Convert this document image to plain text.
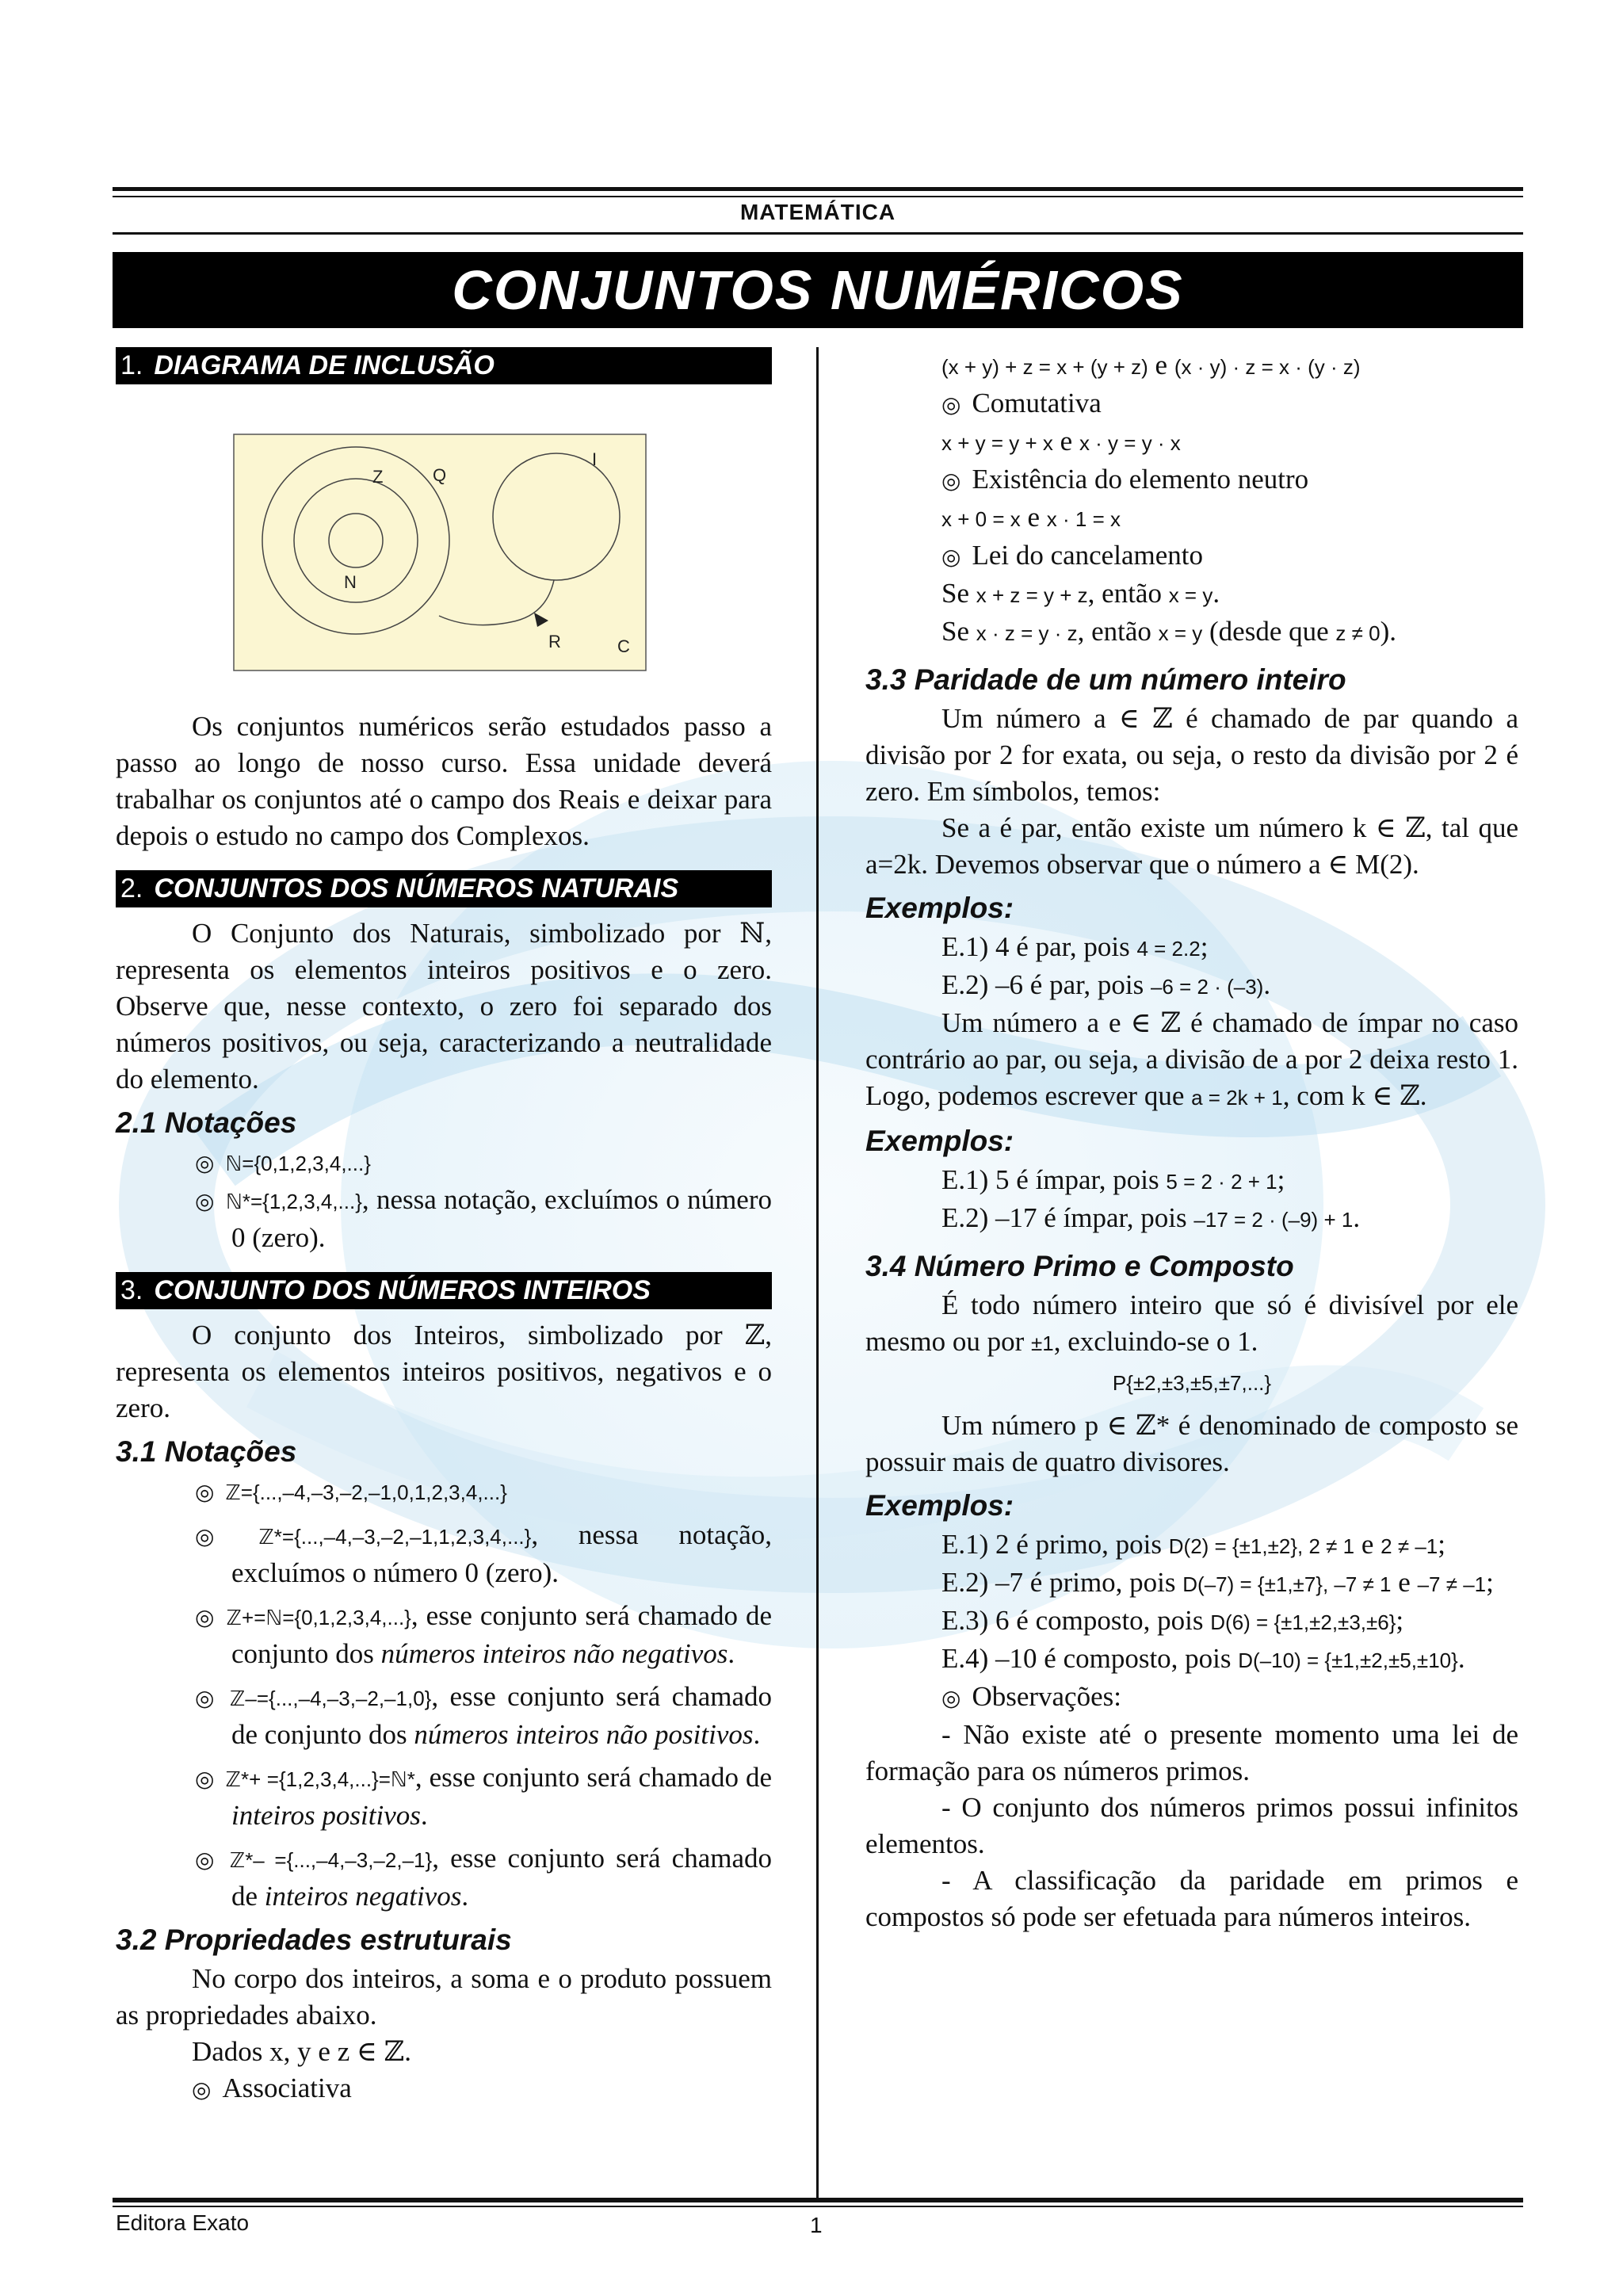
MATEMÁTICA
CONJUNTOS NUMÉRICOS
1. DIAGRAMA DE INCLUSÃO
Z	Q
I
N
R	C

Os conjuntos numéricos serão estudados passo a passo ao longo de nosso curso. Essa unidade deverá trabalhar os conjuntos até o campo dos Reais e deixar para depois o estudo no campo dos Complexos.

2. CONJUNTOS DOS NÚMEROS NATURAIS

O Conjunto dos Naturais, simbolizado por ℕ, representa os elementos inteiros positivos e o zero. Observe que, nesse contexto, o zero foi separado dos números positivos, ou seja, caracterizando a neutralidade do elemento.

2.1 Notações

◎ ℕ={0,1,2,3,4,...}

◎ ℕ*={1,2,3,4,...}, nessa notação, excluímos o número 0 (zero).

3. CONJUNTO DOS NÚMEROS INTEIROS

O conjunto dos Inteiros, simbolizado por ℤ, representa os elementos inteiros positivos, negativos e o zero.

3.1 Notações

◎ ℤ={...,–4,–3,–2,–1,0,1,2,3,4,...}

◎ ℤ*={...,–4,–3,–2,–1,1,2,3,4,...}, nessa notação, excluímos o número 0 (zero).

◎ ℤ+=ℕ={0,1,2,3,4,...}, esse conjunto será chamado de conjunto dos números inteiros não negativos.

◎ ℤ–={...,–4,–3,–2,–1,0}, esse conjunto será chamado de conjunto dos números inteiros não positivos.

◎ ℤ*+ ={1,2,3,4,...}=ℕ*, esse conjunto será chamado de inteiros positivos.

◎ ℤ*– ={...,–4,–3,–2,–1}, esse conjunto será chamado de inteiros negativos.

3.2 Propriedades estruturais

No corpo dos inteiros, a soma e o produto possuem as propriedades abaixo.

Dados x, y e z ∈ ℤ.

◎ Associativa

(x + y) + z = x + (y + z) e (x · y) · z = x · (y · z)

◎ Comutativa

x + y = y + x e x · y = y · x

◎ Existência do elemento neutro

x + 0 = x e x · 1 = x

◎ Lei do cancelamento

Se x + z = y + z, então x = y.

Se x · z = y · z, então x = y (desde que z ≠ 0).

3.3 Paridade de um número inteiro

Um número a ∈ ℤ é chamado de par quando a divisão por 2 for exata, ou seja, o resto da divisão por 2 é zero. Em símbolos, temos:

Se a é par, então existe um número k ∈ ℤ, tal que a=2k. Devemos observar que o número a ∈ M(2).

Exemplos:

E.1) 4 é par, pois 4 = 2.2;

E.2) –6 é par, pois –6 = 2 · (–3).

Um número a e ∈ ℤ é chamado de ímpar no caso contrário ao par, ou seja, a divisão de a por 2 deixa resto 1. Logo, podemos escrever que a = 2k + 1, com k ∈ ℤ.

Exemplos:

E.1) 5 é ímpar, pois 5 = 2 · 2 + 1;

E.2) –17 é ímpar, pois –17 = 2 · (–9) + 1.

3.4 Número Primo e Composto

É todo número inteiro que só é divisível por ele mesmo ou por ±1, excluindo-se o 1.

P{±2,±3,±5,±7,...}

Um número p ∈ ℤ* é denominado de composto se possuir mais de quatro divisores.

Exemplos:

E.1) 2 é primo, pois D(2) = {±1,±2}, 2 ≠ 1 e 2 ≠ –1;

E.2) –7 é primo, pois D(–7) = {±1,±7}, –7 ≠ 1 e –7 ≠ –1;

E.3) 6 é composto, pois D(6) = {±1,±2,±3,±6};

E.4) –10 é composto, pois D(–10) = {±1,±2,±5,±10}.

◎ Observações:

- Não existe até o presente momento uma lei de formação para os números primos.

- O conjunto dos números primos possui infinitos elementos.

- A classificação da paridade em primos e compostos só pode ser efetuada para números inteiros.

Editora Exato	1
